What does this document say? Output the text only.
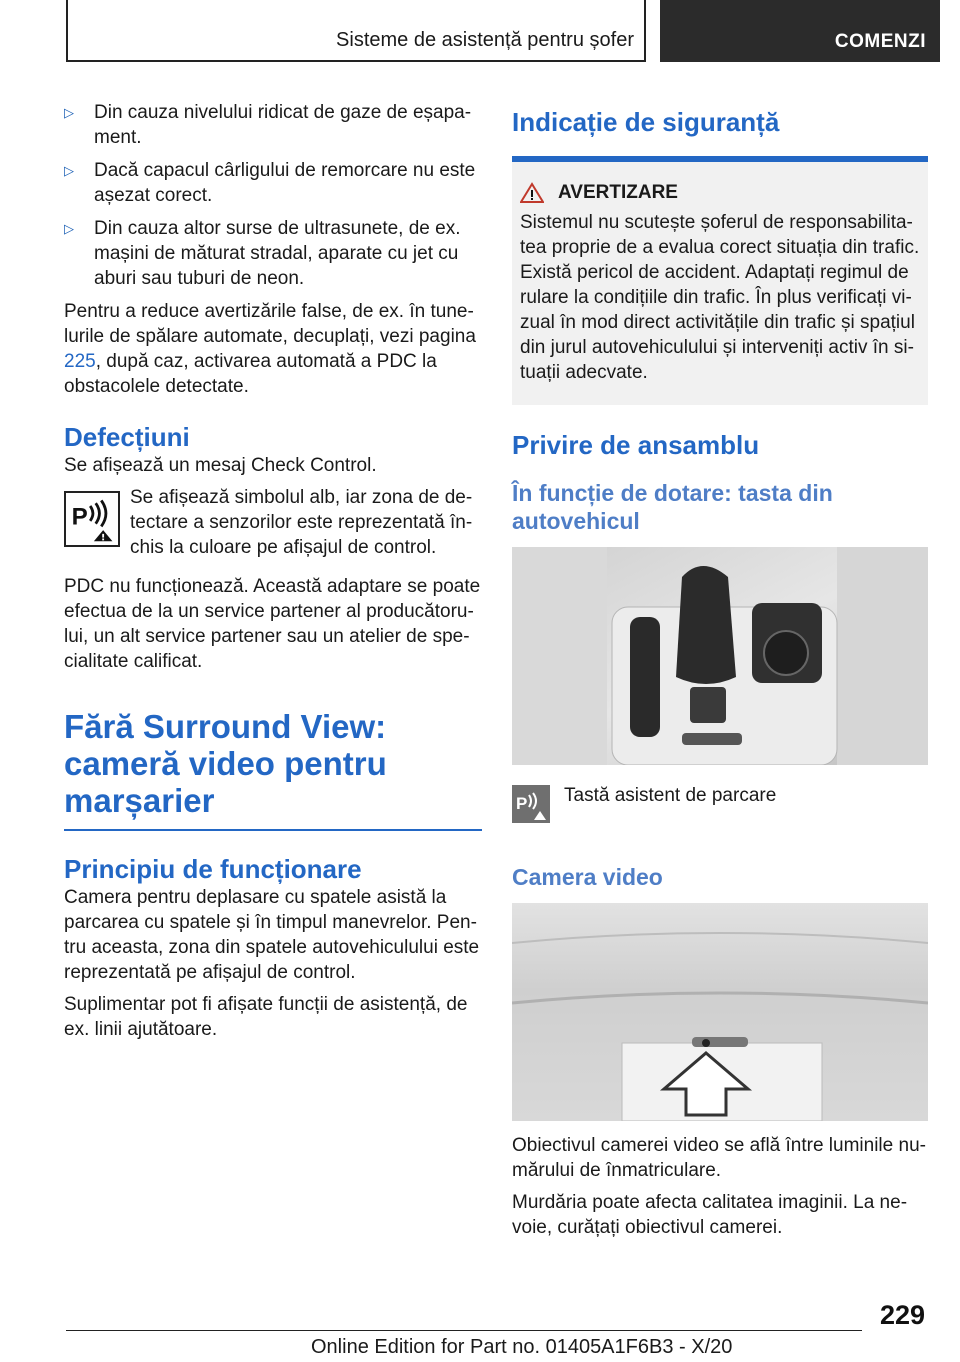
Sisteme de asistență pentru șofer	COMENZI
▷	Din cauza nivelului ridicat de gaze de eșapament.

▷	Dacă capacul cârligului de remorcare nu este așezat corect.

▷	Din cauza altor surse de ultrasunete, de ex. mașini de măturat stradal, aparate cu jet cu aburi sau tuburi de neon.

Pentru a reduce avertizările false, de ex. în tunelurile de spălare automate, decuplați, vezi pagina 225, după caz, activarea automată a PDC la obstacolele detectate.

Defecțiuni

Se afișează un mesaj Check Control.

P

Se afișează simbolul alb, iar zona de detectare a senzorilor este reprezentată închis la culoare pe afișajul de control.

PDC nu funcționează. Această adaptare se poate efectua de la un service partener al producătorului, un alt service partener sau un atelier de specialitate calificat.

Fără Surround View: cameră video pentru marșarier
Principiu de funcționare

Camera pentru deplasare cu spatele asistă la parcarea cu spatele și în timpul manevrelor. Pentru aceasta, zona din spatele autovehiculului este reprezentată pe afișajul de control.

Suplimentar pot fi afișate funcții de asistență, de ex. linii ajutătoare.

Indicație de siguranță
AVERTIZARE

Sistemul nu scutește șoferul de responsabilitatea proprie de a evalua corect situația din trafic. Există pericol de accident. Adaptați regimul de rulare la condițiile din trafic. În plus verificați vizual în mod direct activitățile din trafic și spațiul din jurul autovehiculului și interveniți activ în situații adecvate.

Privire de ansamblu
În funcție de dotare: tasta din autovehicul
P Tastă asistent de parcare

Camera video

Obiectivul camerei video se află între luminile numărului de înmatriculare.

Murdăria poate afecta calitatea imaginii. La nevoie, curățați obiectivul camerei.

229
Online Edition for Part no. 01405A1F6B3 - X/20
